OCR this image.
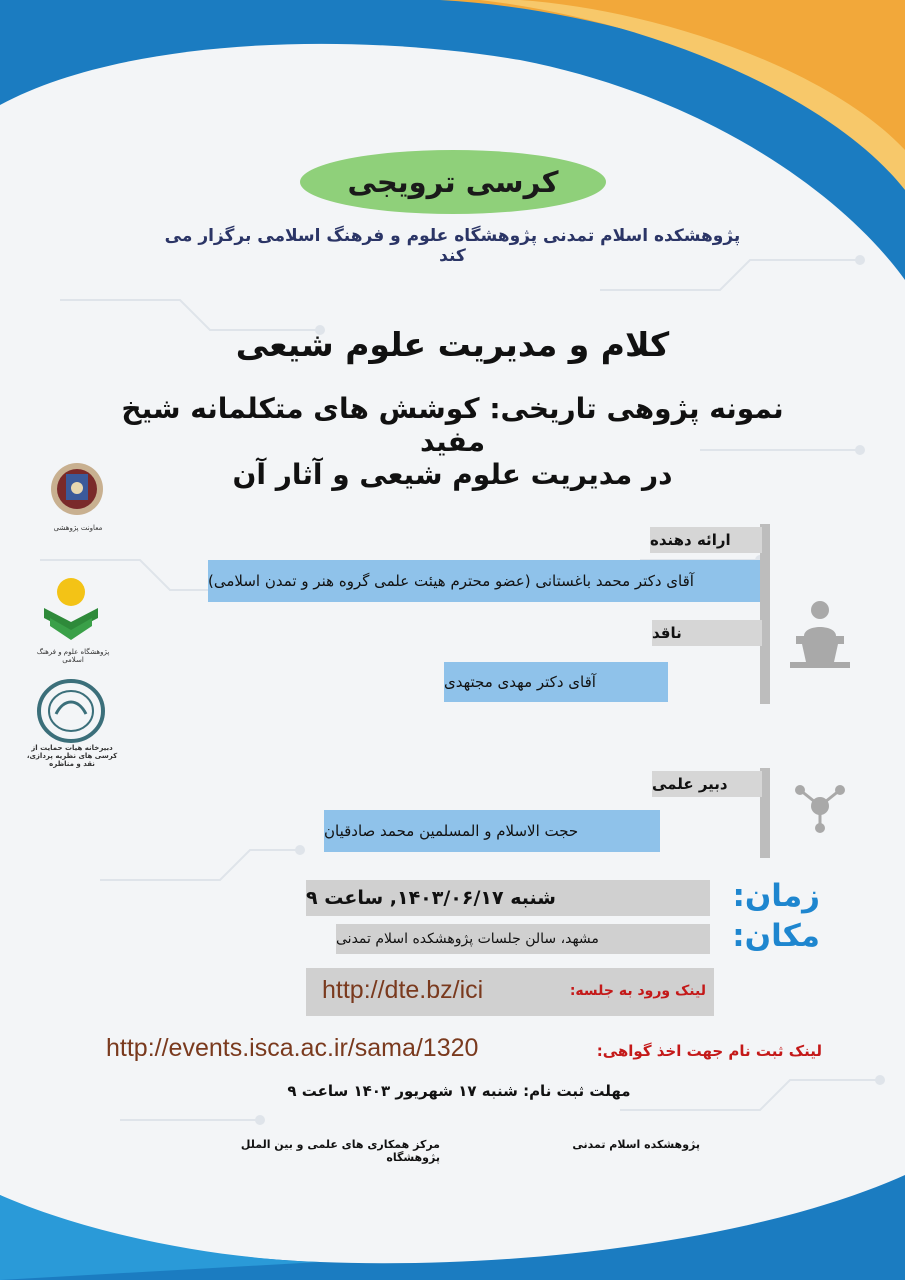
کرسی ترویجی
پژوهشکده اسلام تمدنی پژوهشگاه علوم و فرهنگ اسلامی برگزار می کند
کلام و مدیریت علوم شیعی
نمونه پژوهی تاریخی: کوشش های متکلمانه شیخ مفید
در مدیریت علوم شیعی و آثار آن
معاونت پژوهشی
پژوهشگاه علوم و فرهنگ اسلامی
دبیرخانه هیات حمایت از کرسی های نظریه پردازی، نقد و مناظره
ارائه دهنده
آقای دکتر محمد باغستانی (عضو محترم هیئت علمی گروه هنر و تمدن اسلامی)
ناقد
آقای دکتر مهدی مجتهدی
دبیر علمی
حجت الاسلام و المسلمین محمد صادقیان
شنبه ۱۴۰۳/۰۶/۱۷, ساعت ۹	زمان:
مشهد، سالن جلسات پژوهشکده اسلام تمدنی	مکان:
لینک ورود به جلسه:
http://dte.bz/ici
لینک ثبت نام جهت اخذ گواهی:
http://events.isca.ac.ir/sama/1320
مهلت ثبت نام: شنبه ۱۷ شهریور ۱۴۰۳ ساعت ۹
پژوهشکده اسلام تمدنی
مرکز همکاری های علمی و بین الملل پژوهشگاه
